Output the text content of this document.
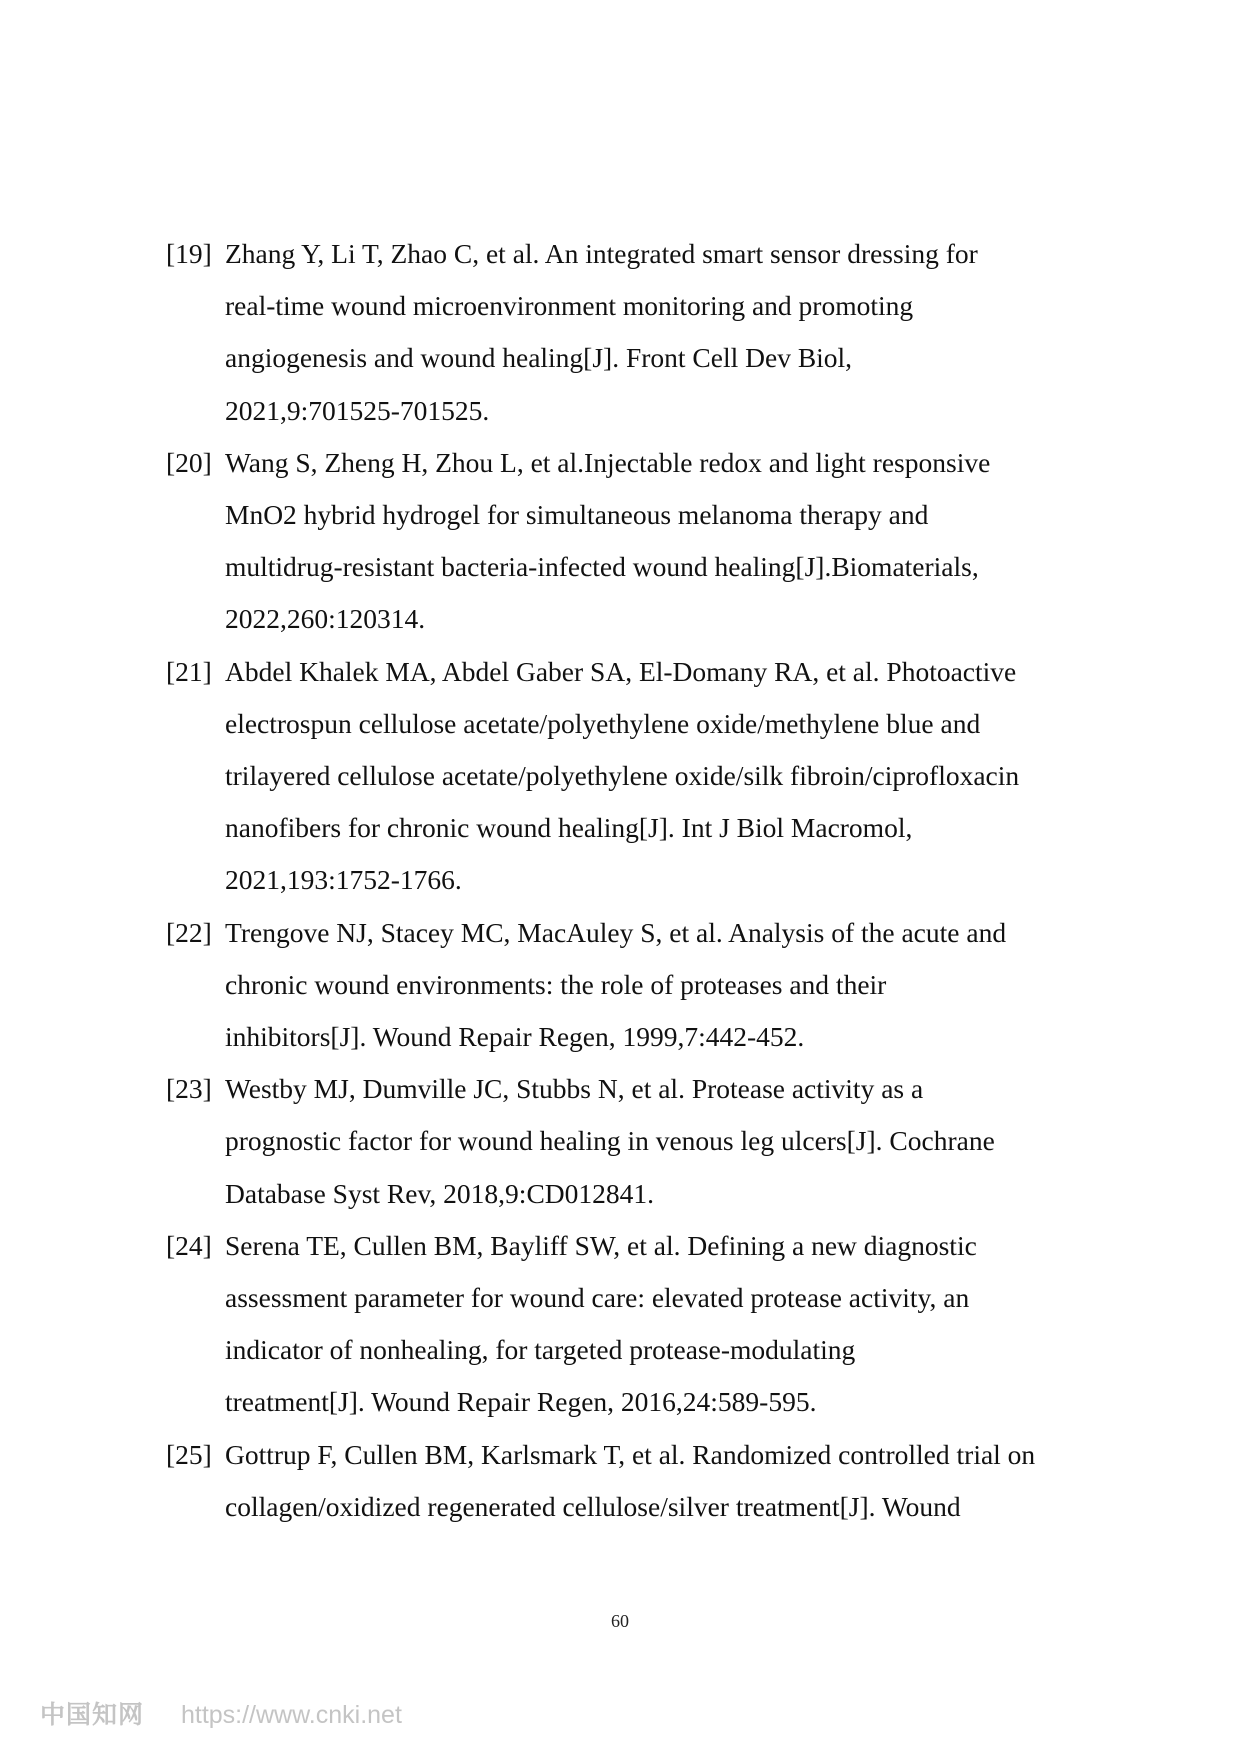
[19] Zhang Y, Li T, Zhao C, et al. An integrated smart sensor dressing for
real-time wound microenvironment monitoring and promoting
angiogenesis and wound healing[J]. Front Cell Dev Biol,
2021,9:701525-701525.
[20] Wang S, Zheng H, Zhou L, et al.Injectable redox and light responsive
MnO2 hybrid hydrogel for simultaneous melanoma therapy and
multidrug-resistant bacteria-infected wound healing[J].Biomaterials,
2022,260:120314.
[21] Abdel Khalek MA, Abdel Gaber SA, El-Domany RA, et al. Photoactive
electrospun cellulose acetate/polyethylene oxide/methylene blue and
trilayered cellulose acetate/polyethylene oxide/silk fibroin/ciprofloxacin
nanofibers for chronic wound healing[J]. Int J Biol Macromol,
2021,193:1752-1766.
[22] Trengove NJ, Stacey MC, MacAuley S, et al. Analysis of the acute and
chronic wound environments: the role of proteases and their
inhibitors[J]. Wound Repair Regen, 1999,7:442-452.
[23] Westby MJ, Dumville JC, Stubbs N, et al. Protease activity as a
prognostic factor for wound healing in venous leg ulcers[J]. Cochrane
Database Syst Rev, 2018,9:CD012841.
[24] Serena TE, Cullen BM, Bayliff SW, et al. Defining a new diagnostic
assessment parameter for wound care: elevated protease activity, an
indicator of nonhealing, for targeted protease-modulating
treatment[J]. Wound Repair Regen, 2016,24:589-595.
[25] Gottrup F, Cullen BM, Karlsmark T, et al. Randomized controlled trial on
collagen/oxidized regenerated cellulose/silver treatment[J]. Wound
60
中国知网 https://www.cnki.net
